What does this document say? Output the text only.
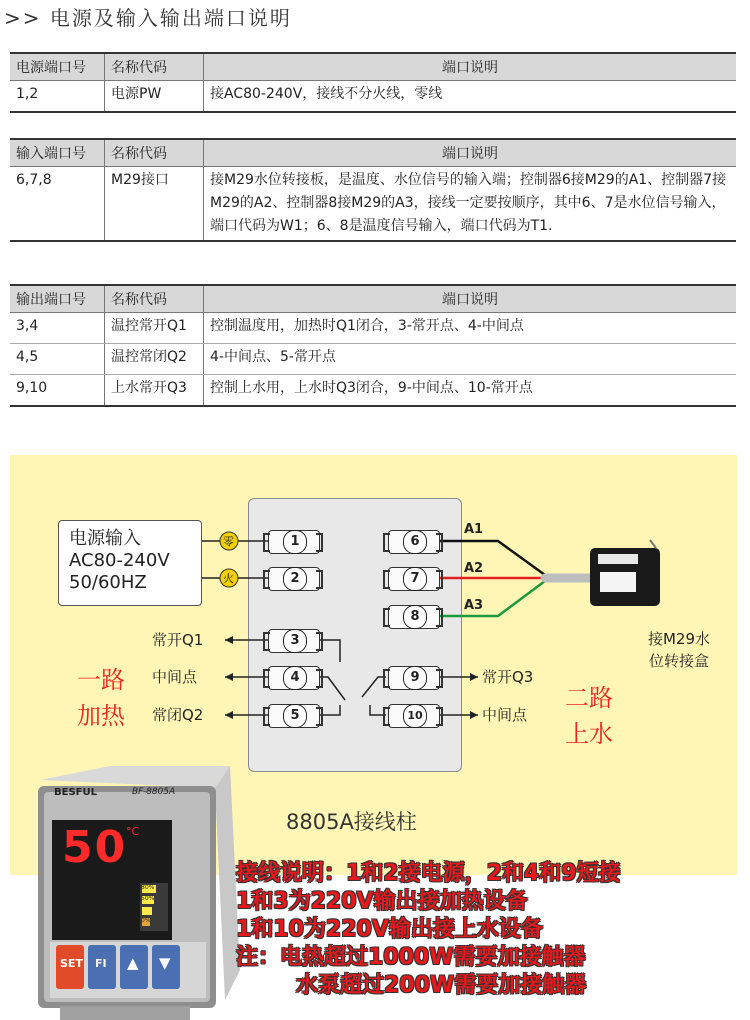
>> 电源及输入输出端口说明
电源端口号	名称代码	端口说明
1,2	电源PW	接AC80-240V，接线不分火线，零线
输入端口号	名称代码	端口说明
6,7,8	M29接口	接M29水位转接板，是温度、水位信号的输入端；控制器6接M29的A1、控制器7接M29的A2、控制器8接M29的A3，接线一定要按顺序，其中6、7是水位信号输入，端口代码为W1；6、8是温度信号输入，端口代码为T1.
输出端口号	名称代码	端口说明
3,4	温控常开Q1	控制温度用，加热时Q1闭合，3-常开点、4-中间点
4,5	温控常闭Q2	4-中间点、5-常开点
9,10	上水常开Q3	控制上水用，上水时Q3闭合，9-中间点、10-常开点
电源输入
AC80-240V
50/60HZ
零
火
1
2
3
4
5
6
7
8
9
10
A1
A2
A3
常开Q1
中间点
常闭Q2
常开Q3
中间点
一路
加热
二路
上水
接M29水
位转接盒
8805A接线柱
BESFUL	BF-8805A
50
°C
80%
50%
0%
SET FI ▲ ▼
接线说明：1和2接电源，2和4和9短接
1和3为220V输出接加热设备
1和10为220V输出接上水设备
注：电热超过1000W需要加接触器
水泵超过200W需要加接触器
